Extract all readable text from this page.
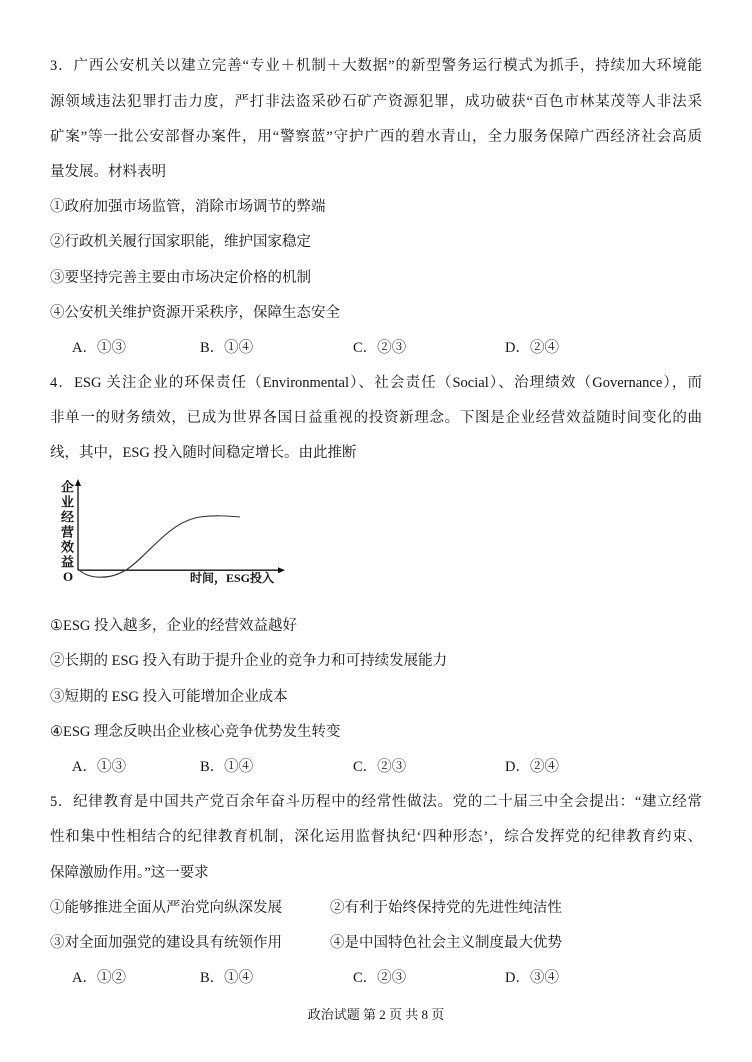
3．广西公安机关以建立完善“专业＋机制＋大数据”的新型警务运行模式为抓手，持续加大环境能
源领域违法犯罪打击力度，严打非法盗采砂石矿产资源犯罪，成功破获“百色市林某茂等人非法采
矿案”等一批公安部督办案件，用“警察蓝”守护广西的碧水青山，全力服务保障广西经济社会高质
量发展。材料表明
①政府加强市场监管，消除市场调节的弊端
②行政机关履行国家职能，维护国家稳定
③要坚持完善主要由市场决定价格的机制
④公安机关维护资源开采秩序，保障生态安全
A．①③	B．①④	C．②③	D．②④
4．ESG 关注企业的环保责任（Environmental）、社会责任（Social）、治理绩效（Governance），而
非单一的财务绩效，已成为世界各国日益重视的投资新理念。下图是企业经营效益随时间变化的曲
线，其中，ESG 投入随时间稳定增长。由此推断
企业经营效益
O	时间，ESG投入
①ESG 投入越多，企业的经营效益越好
②长期的 ESG 投入有助于提升企业的竞争力和可持续发展能力
③短期的 ESG 投入可能增加企业成本
④ESG 理念反映出企业核心竞争优势发生转变
A．①③	B．①④	C．②③	D．②④
5．纪律教育是中国共产党百余年奋斗历程中的经常性做法。党的二十届三中全会提出：“建立经常
性和集中性相结合的纪律教育机制，深化运用监督执纪‘四种形态’，综合发挥党的纪律教育约束、
保障激励作用。”这一要求
①能够推进全面从严治党向纵深发展	②有利于始终保持党的先进性纯洁性
③对全面加强党的建设具有统领作用	④是中国特色社会主义制度最大优势
A．①②	B．①④	C．②③	D．③④
政治试题 第 2 页 共 8 页
